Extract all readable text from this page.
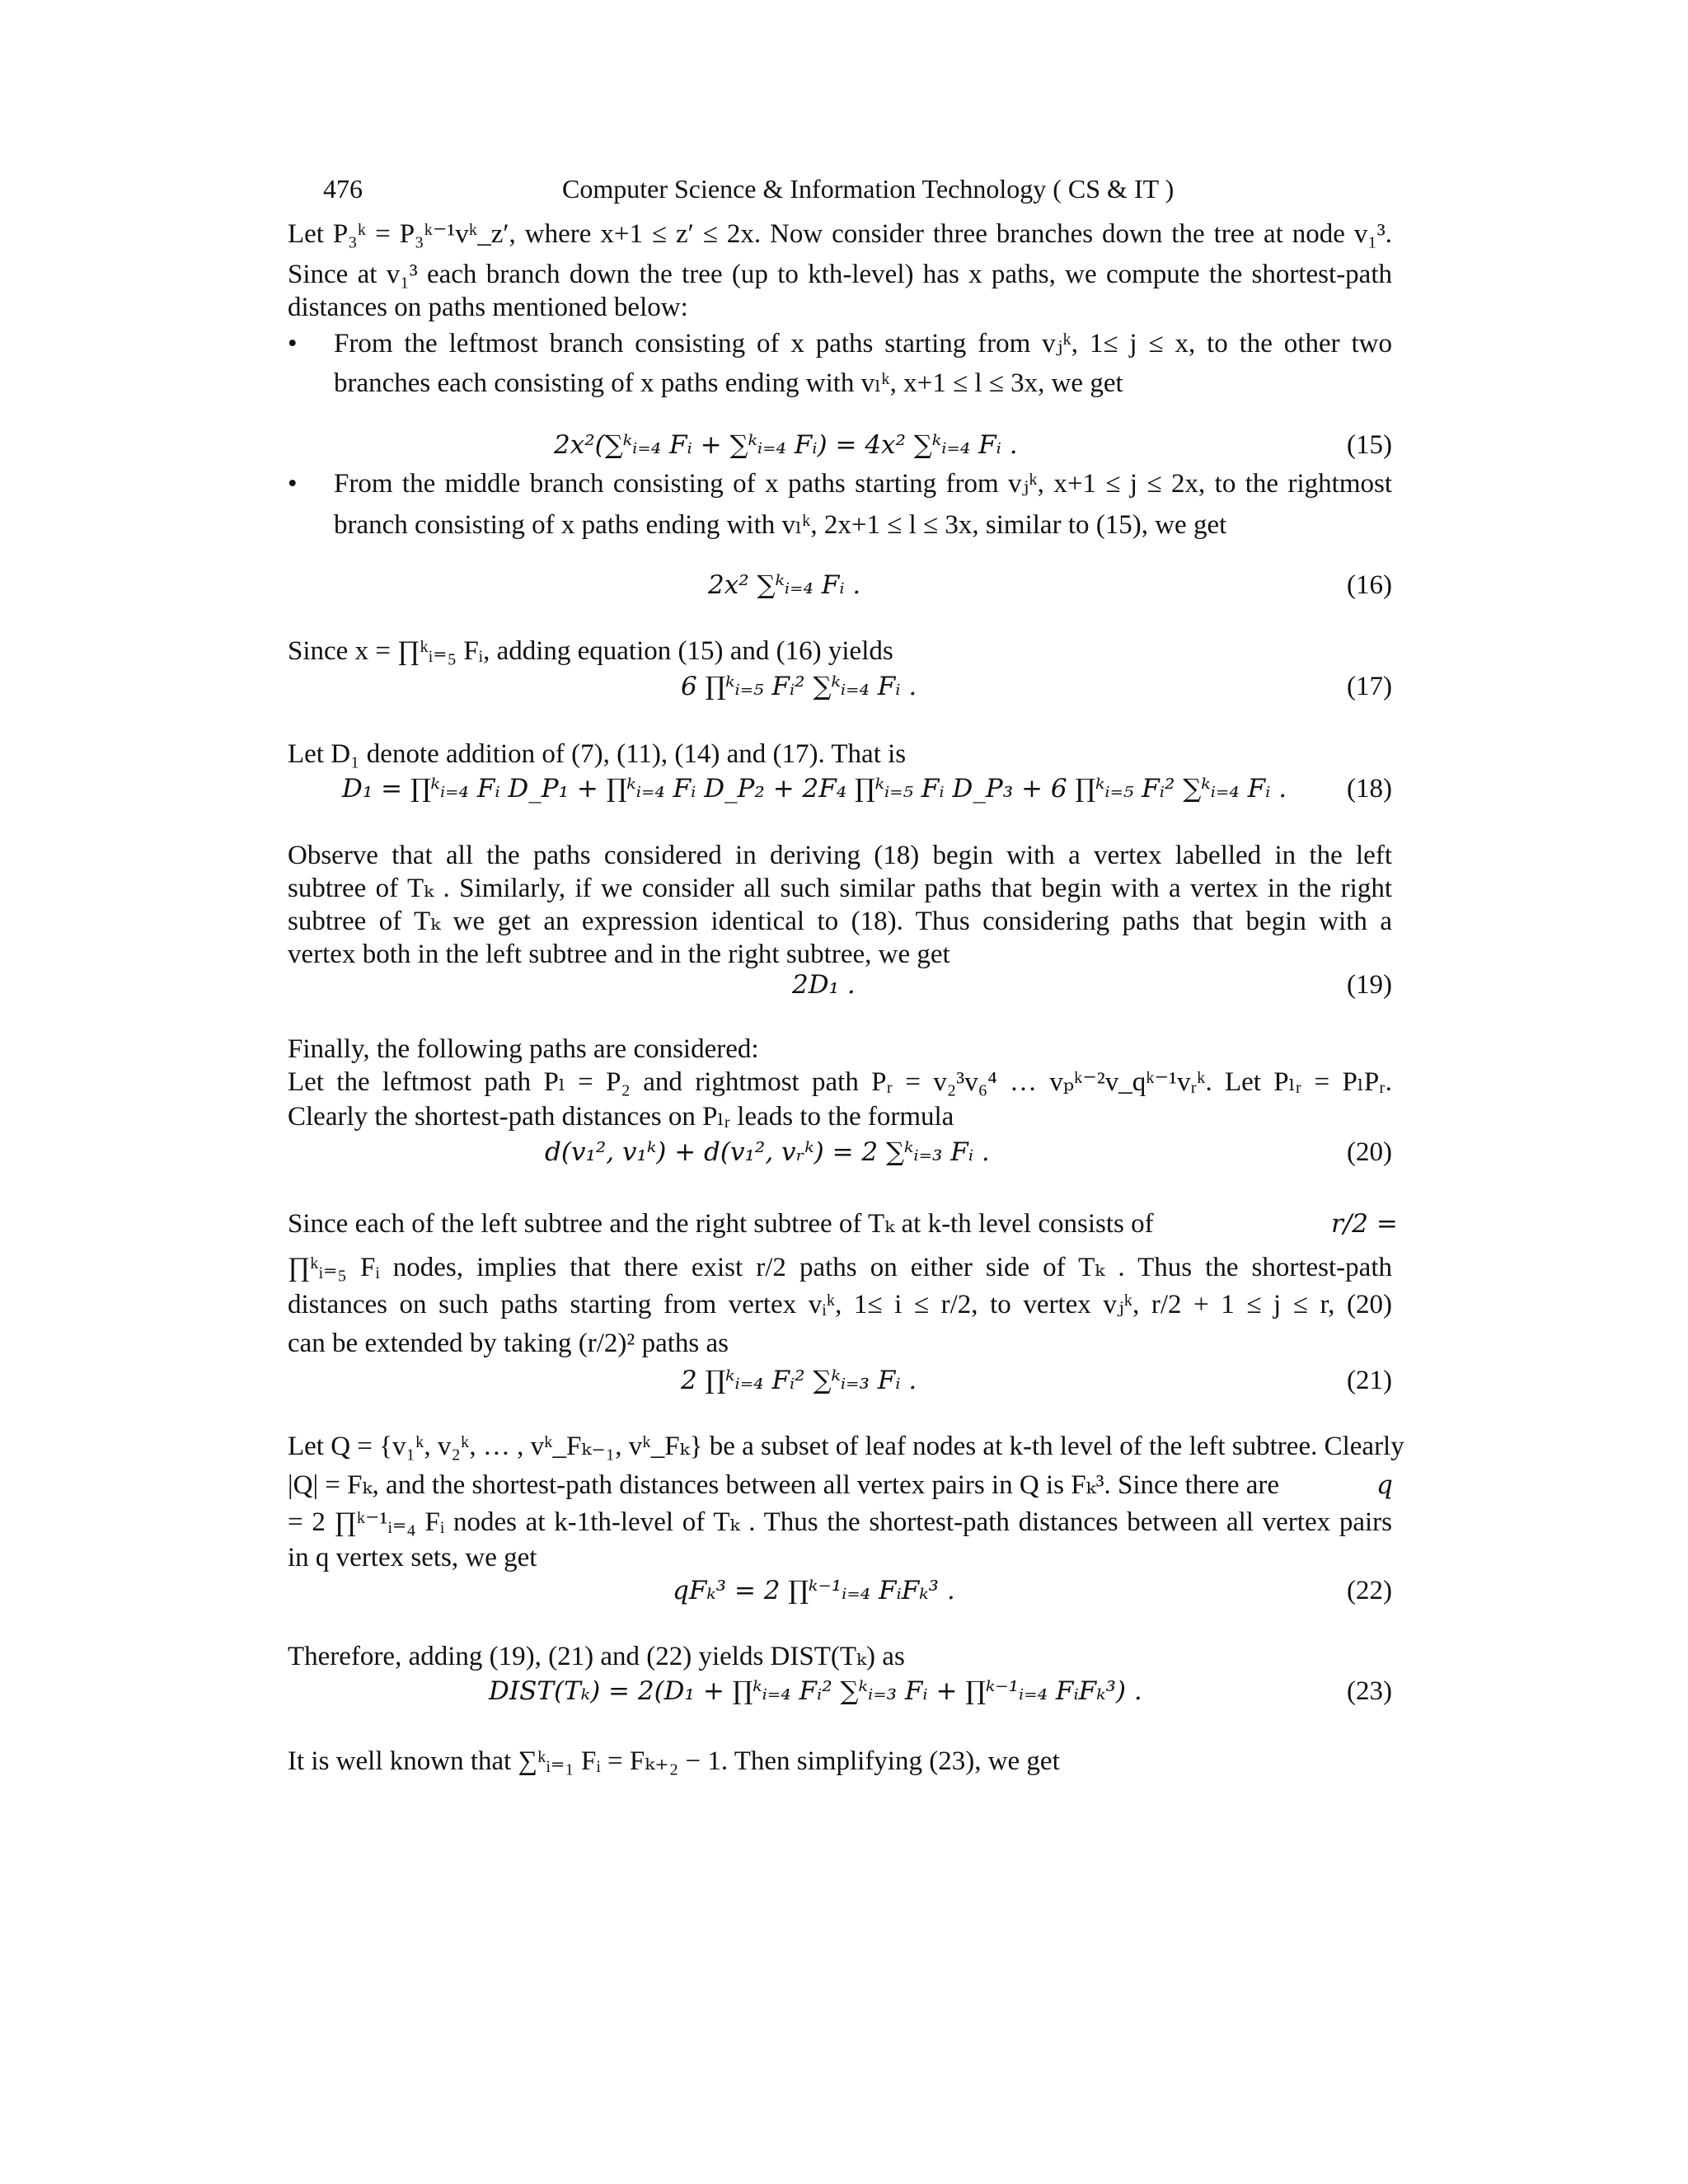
476	Computer Science & Information Technology ( CS & IT )
Let P₃ᵏ = P₃ᵏ⁻¹vᵏ_z′, where x+1 ≤ z′ ≤ 2x. Now consider three branches down the tree at node v₁³.
Since at v₁³ each branch down the tree (up to kth-level) has x paths, we compute the shortest-path
distances on paths mentioned below:
• From the leftmost branch consisting of x paths starting from vⱼᵏ, 1≤ j ≤ x, to the other two
branches each consisting of x paths ending with vₗᵏ, x+1 ≤ l ≤ 3x, we get
2x²(∑ᵏᵢ₌₄ Fᵢ + ∑ᵏᵢ₌₄ Fᵢ) = 4x² ∑ᵏᵢ₌₄ Fᵢ .	(15)
• From the middle branch consisting of x paths starting from vⱼᵏ, x+1 ≤ j ≤ 2x, to the rightmost
branch consisting of x paths ending with vₗᵏ, 2x+1 ≤ l ≤ 3x, similar to (15), we get
2x² ∑ᵏᵢ₌₄ Fᵢ .	(16)
Since x = ∏ᵏᵢ₌₅ Fᵢ, adding equation (15) and (16) yields
6 ∏ᵏᵢ₌₅ Fᵢ² ∑ᵏᵢ₌₄ Fᵢ .	(17)
Let D₁ denote addition of (7), (11), (14) and (17). That is
D₁ = ∏ᵏᵢ₌₄ Fᵢ D_P₁ + ∏ᵏᵢ₌₄ Fᵢ D_P₂ + 2F₄ ∏ᵏᵢ₌₅ Fᵢ D_P₃ + 6 ∏ᵏᵢ₌₅ Fᵢ² ∑ᵏᵢ₌₄ Fᵢ . (18)
Observe that all the paths considered in deriving (18) begin with a vertex labelled in the left
subtree of Tₖ . Similarly, if we consider all such similar paths that begin with a vertex in the right
subtree of Tₖ we get an expression identical to (18). Thus considering paths that begin with a
vertex both in the left subtree and in the right subtree, we get
2D₁ .	(19)
Finally, the following paths are considered:
Let the leftmost path Pₗ = P₂ and rightmost path Pᵣ = v₂³v₆⁴ … vₚᵏ⁻²v_qᵏ⁻¹vᵣᵏ. Let Pₗᵣ = PₗPᵣ.
Clearly the shortest-path distances on Pₗᵣ leads to the formula
d(v₁², v₁ᵏ) + d(v₁², vᵣᵏ) = 2 ∑ᵏᵢ₌₃ Fᵢ .	(20)
Since each of the left subtree and the right subtree of Tₖ at k-th level consists of	r/2 =
∏ᵏᵢ₌₅ Fᵢ nodes, implies that there exist r/2 paths on either side of Tₖ . Thus the shortest-path
distances on such paths starting from vertex vᵢᵏ, 1≤ i ≤ r/2, to vertex vⱼᵏ, r/2 + 1 ≤ j ≤ r, (20)
can be extended by taking (r/2)² paths as
2 ∏ᵏᵢ₌₄ Fᵢ² ∑ᵏᵢ₌₃ Fᵢ .	(21)
Let Q = {v₁ᵏ, v₂ᵏ, … , vᵏ_Fₖ₋₁, vᵏ_Fₖ} be a subset of leaf nodes at k-th level of the left subtree. Clearly
|Q| = Fₖ, and the shortest-path distances between all vertex pairs in Q is Fₖ³. Since there are	q
= 2 ∏ᵏ⁻¹ᵢ₌₄ Fᵢ nodes at k-1th-level of Tₖ . Thus the shortest-path distances between all vertex pairs
in q vertex sets, we get
qFₖ³ = 2 ∏ᵏ⁻¹ᵢ₌₄ FᵢFₖ³ .	(22)
Therefore, adding (19), (21) and (22) yields DIST(Tₖ) as
DIST(Tₖ) = 2(D₁ + ∏ᵏᵢ₌₄ Fᵢ² ∑ᵏᵢ₌₃ Fᵢ + ∏ᵏ⁻¹ᵢ₌₄ FᵢFₖ³) .	(23)
It is well known that ∑ᵏᵢ₌₁ Fᵢ = Fₖ₊₂ − 1. Then simplifying (23), we get
